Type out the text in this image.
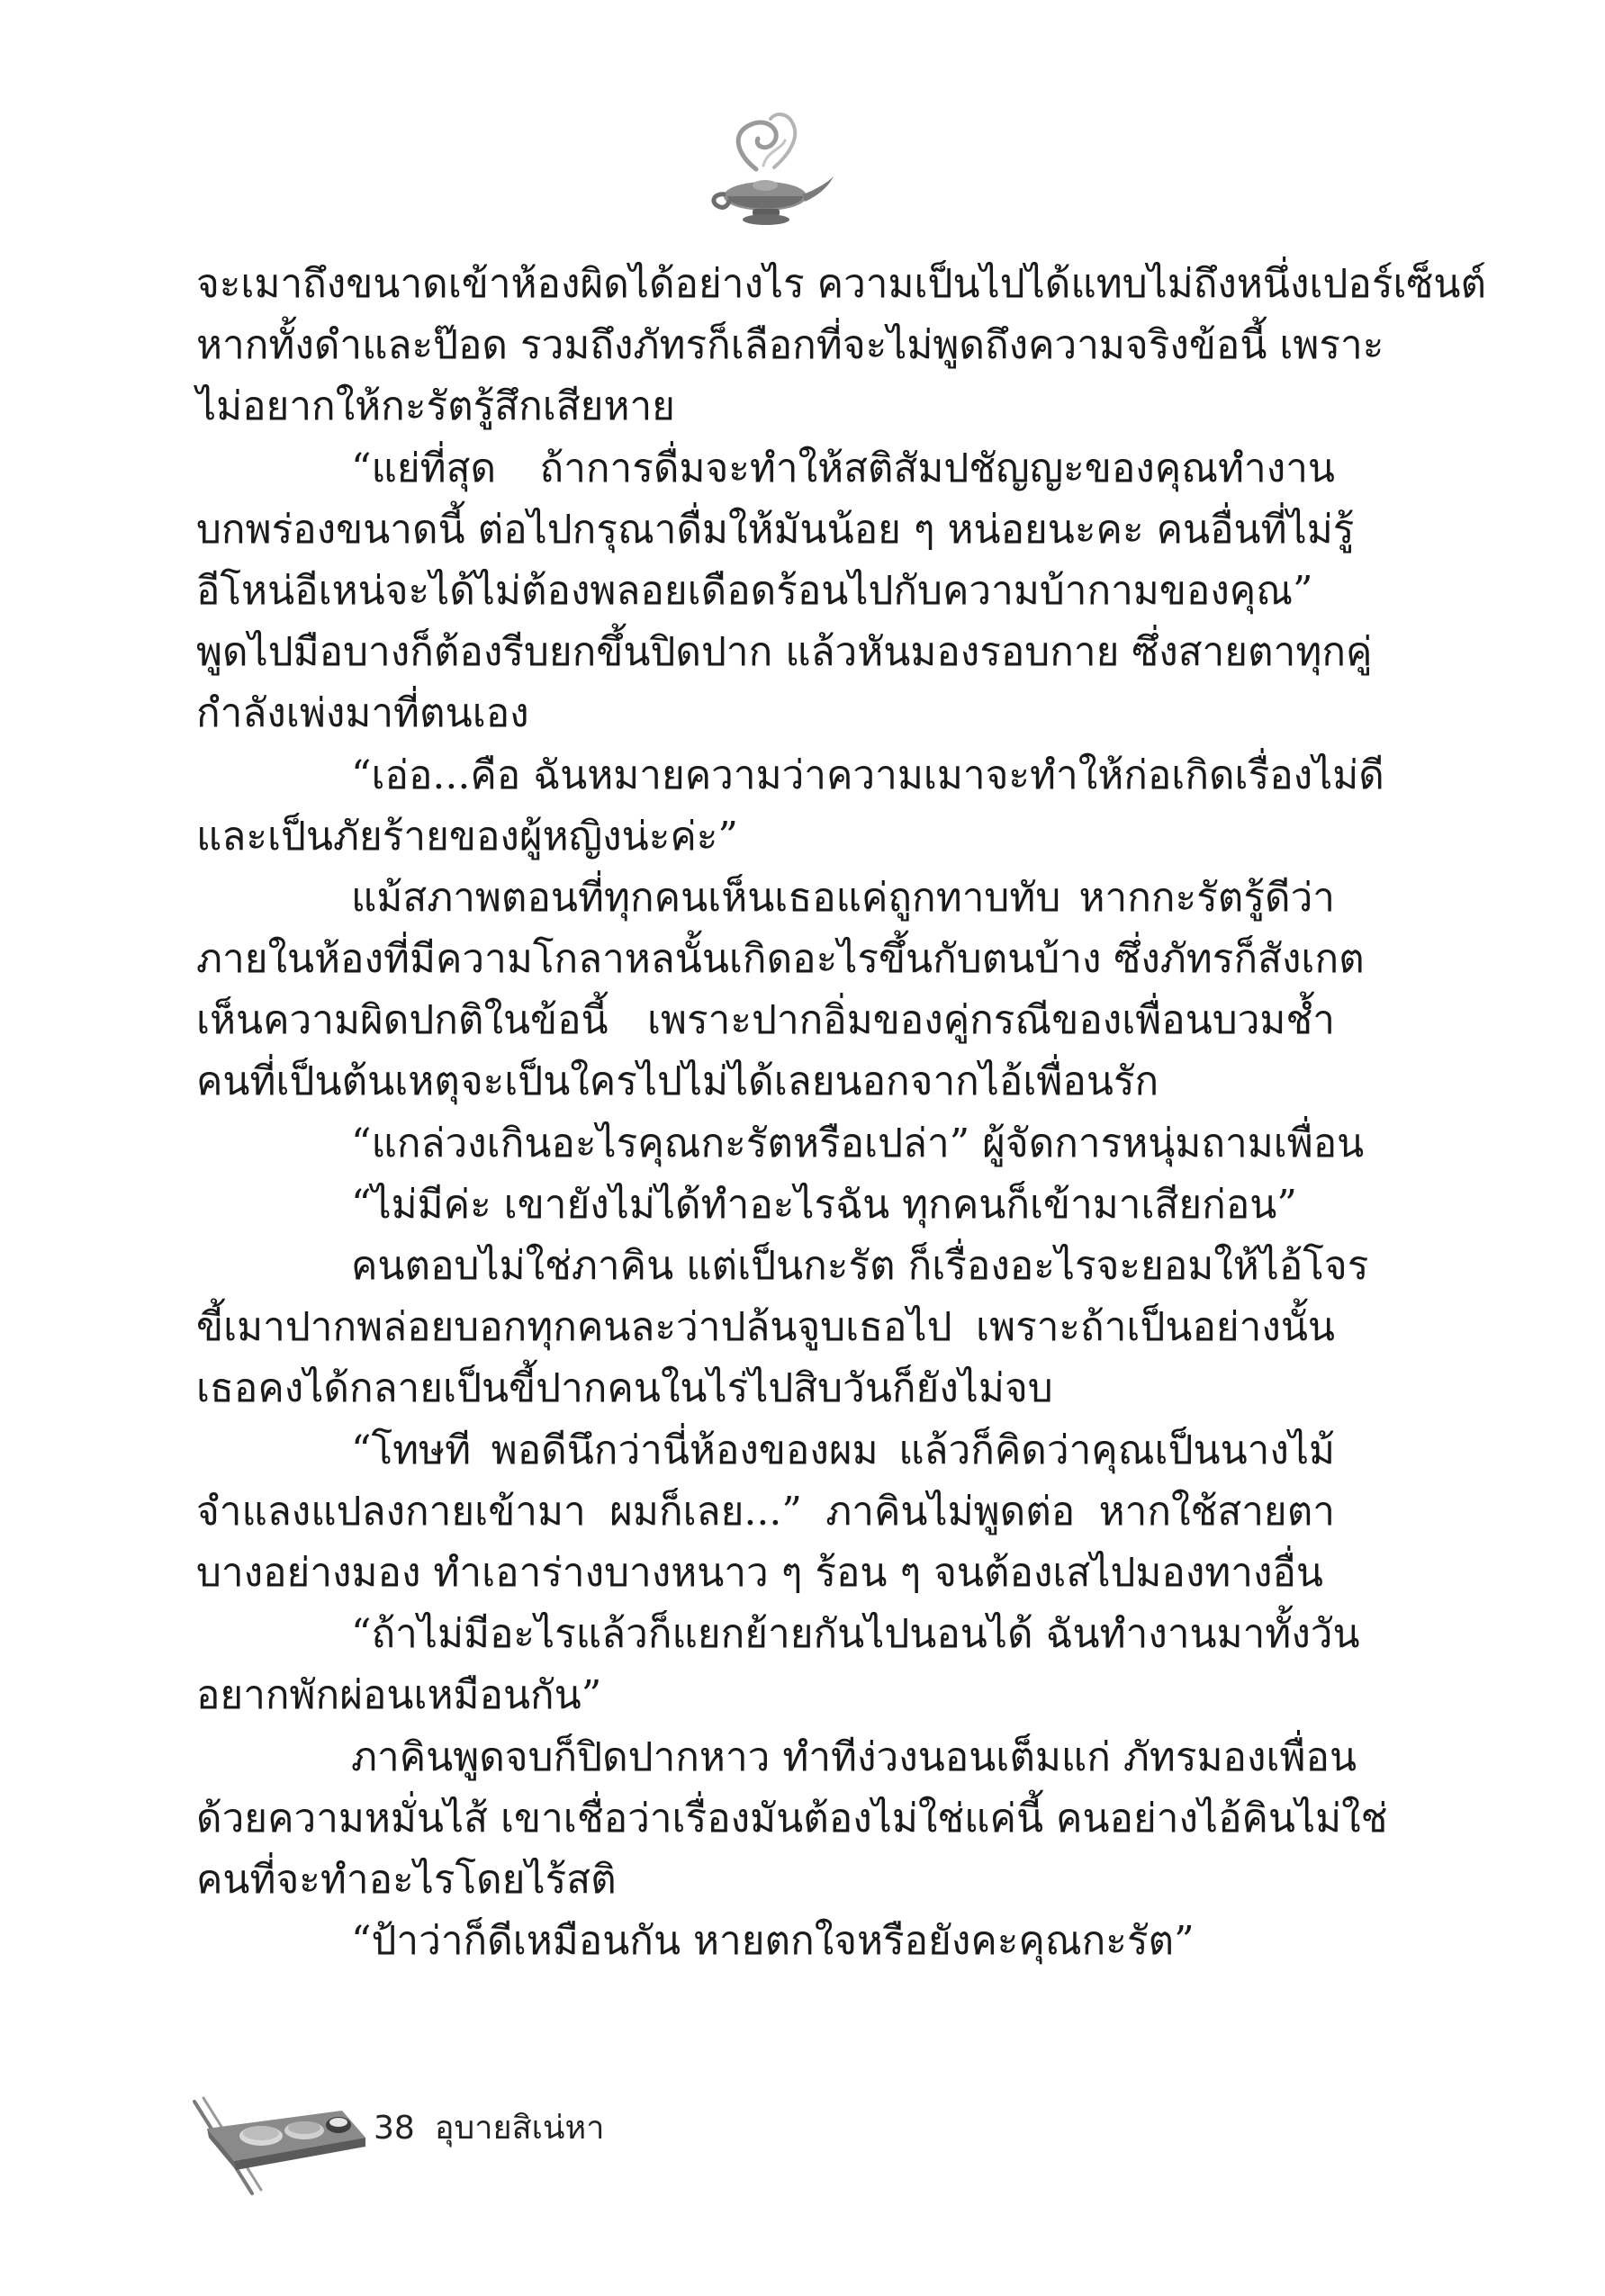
จะเมาถึงขนาดเข้าห้องผิดได้อย่างไร ความเป็นไปได้แทบไม่ถึงหนึ่งเปอร์เซ็นต์
หากทั้งดำและป๊อด รวมถึงภัทรก็เลือกที่จะไม่พูดถึงความจริงข้อนี้ เพราะ
ไม่อยากให้กะรัตรู้สึกเสียหาย
“แย่ที่สุด ถ้าการดื่มจะทำให้สติสัมปชัญญะของคุณทำงาน
บกพร่องขนาดนี้ ต่อไปกรุณาดื่มให้มันน้อย ๆ หน่อยนะคะ คนอื่นที่ไม่รู้
อีโหน่อีเหน่จะได้ไม่ต้องพลอยเดือดร้อนไปกับความบ้ากามของคุณ”
พูดไปมือบางก็ต้องรีบยกขึ้นปิดปาก แล้วหันมองรอบกาย ซึ่งสายตาทุกคู่
กำลังเพ่งมาที่ตนเอง
“เอ่อ...คือ ฉันหมายความว่าความเมาจะทำให้ก่อเกิดเรื่องไม่ดี
และเป็นภัยร้ายของผู้หญิงน่ะค่ะ”
แม้สภาพตอนที่ทุกคนเห็นเธอแค่ถูกทาบทับ หากกะรัตรู้ดีว่า
ภายในห้องที่มีความโกลาหลนั้นเกิดอะไรขึ้นกับตนบ้าง ซึ่งภัทรก็สังเกต
เห็นความผิดปกติในข้อนี้ เพราะปากอิ่มของคู่กรณีของเพื่อนบวมช้ำ
คนที่เป็นต้นเหตุจะเป็นใครไปไม่ได้เลยนอกจากไอ้เพื่อนรัก
“แกล่วงเกินอะไรคุณกะรัตหรือเปล่า” ผู้จัดการหนุ่มถามเพื่อน
“ไม่มีค่ะ เขายังไม่ได้ทำอะไรฉัน ทุกคนก็เข้ามาเสียก่อน”
คนตอบไม่ใช่ภาคิน แต่เป็นกะรัต ก็เรื่องอะไรจะยอมให้ไอ้โจร
ขี้เมาปากพล่อยบอกทุกคนละว่าปล้นจูบเธอไป เพราะถ้าเป็นอย่างนั้น
เธอคงได้กลายเป็นขี้ปากคนในไร่ไปสิบวันก็ยังไม่จบ
“โทษที พอดีนึกว่านี่ห้องของผม แล้วก็คิดว่าคุณเป็นนางไม้
จำแลงแปลงกายเข้ามา ผมก็เลย...” ภาคินไม่พูดต่อ หากใช้สายตา
บางอย่างมอง ทำเอาร่างบางหนาว ๆ ร้อน ๆ จนต้องเสไปมองทางอื่น
“ถ้าไม่มีอะไรแล้วก็แยกย้ายกันไปนอนได้ ฉันทำงานมาทั้งวัน
อยากพักผ่อนเหมือนกัน”
ภาคินพูดจบก็ปิดปากหาว ทำทีง่วงนอนเต็มแก่ ภัทรมองเพื่อน
ด้วยความหมั่นไส้ เขาเชื่อว่าเรื่องมันต้องไม่ใช่แค่นี้ คนอย่างไอ้คินไม่ใช่
คนที่จะทำอะไรโดยไร้สติ
“ป้าว่าก็ดีเหมือนกัน หายตกใจหรือยังคะคุณกะรัต”
38 อุบายสิเน่หา
